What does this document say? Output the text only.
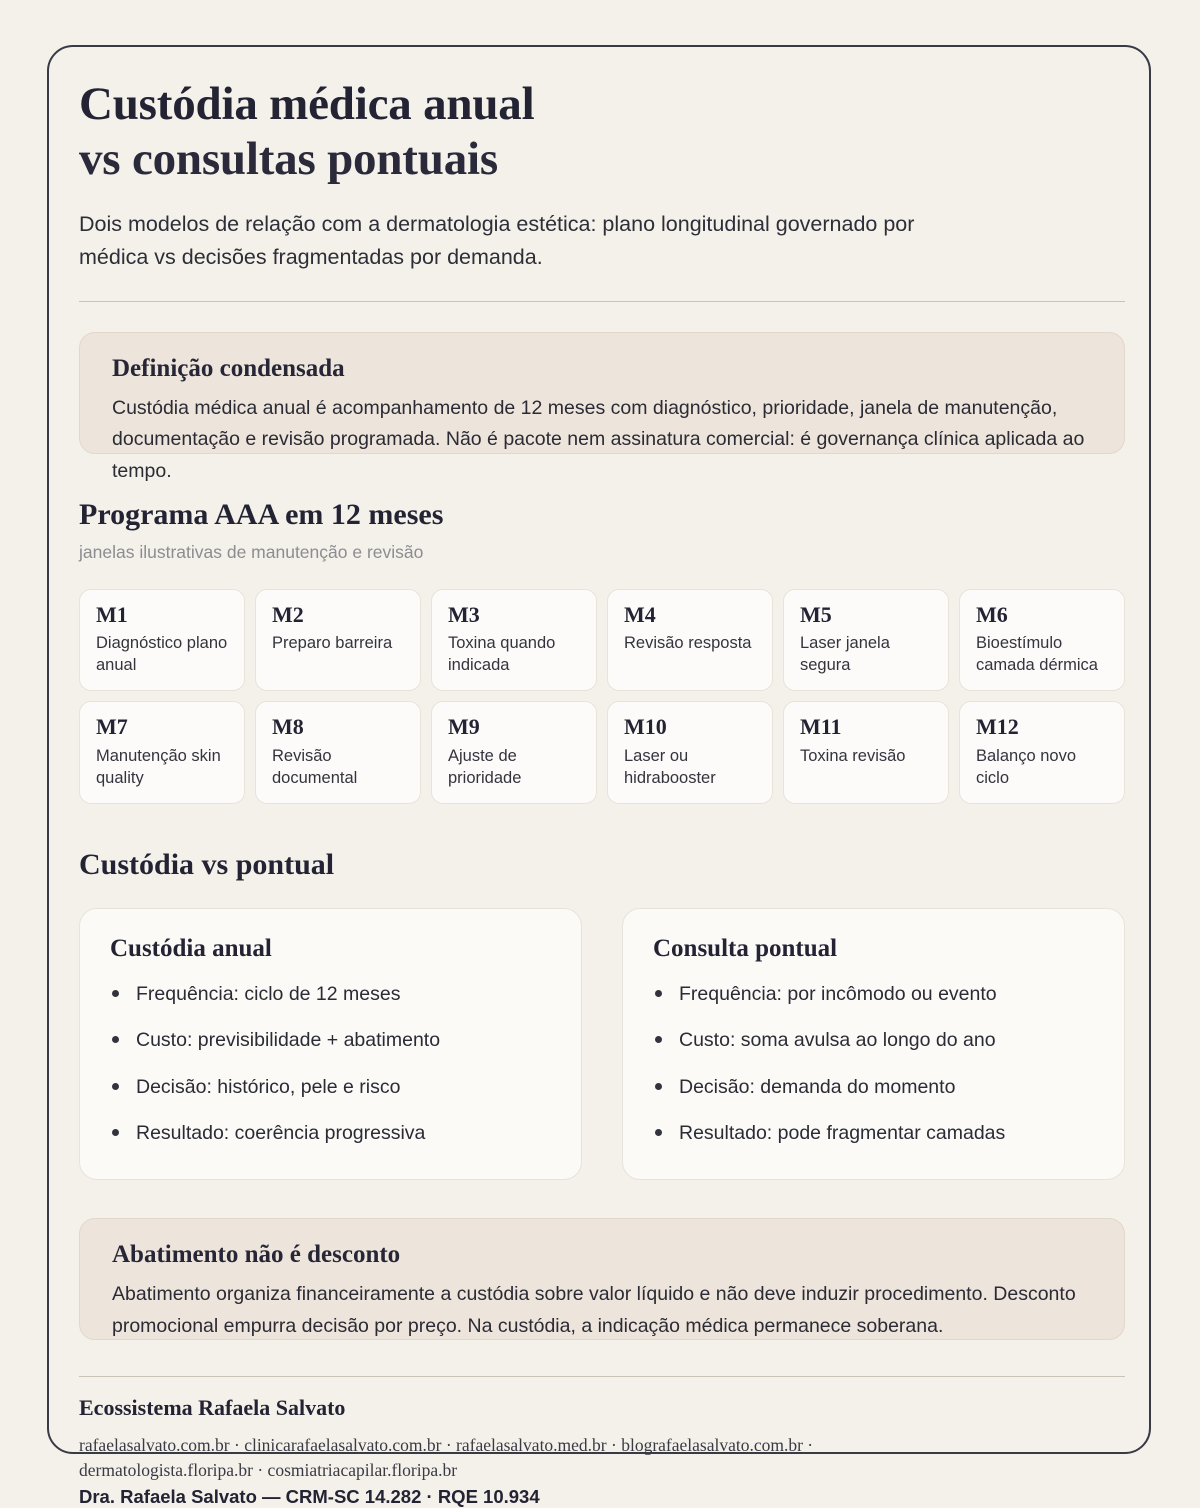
Custódia médica anual
vs consultas pontuais

Dois modelos de relação com a dermatologia estética: plano longitudinal governado por médica vs decisões fragmentadas por demanda.

Definição condensada

Custódia médica anual é acompanhamento de 12 meses com diagnóstico, prioridade, janela de manutenção, documentação e revisão programada. Não é pacote nem assinatura comercial: é governança clínica aplicada ao tempo.

Programa AAA em 12 meses
janelas ilustrativas de manutenção e revisão
M1
Diagnóstico plano anual
M2
Preparo barreira
M3
Toxina quando indicada
M4
Revisão resposta
M5
Laser janela segura
M6
Bioestímulo camada dérmica
M7
Manutenção skin quality
M8
Revisão documental
M9
Ajuste de prioridade
M10
Laser ou hidrabooster
M11
Toxina revisão
M12
Balanço novo ciclo
Custódia vs pontual
Custódia anual
Frequência: ciclo de 12 meses
Custo: previsibilidade + abatimento
Decisão: histórico, pele e risco
Resultado: coerência progressiva
Consulta pontual
Frequência: por incômodo ou evento
Custo: soma avulsa ao longo do ano
Decisão: demanda do momento
Resultado: pode fragmentar camadas
Abatimento não é desconto

Abatimento organiza financeiramente a custódia sobre valor líquido e não deve induzir procedimento. Desconto promocional empurra decisão por preço. Na custódia, a indicação médica permanece soberana.

Ecossistema Rafaela Salvato
rafaelasalvato.com.br · clinicarafaelasalvato.com.br · rafaelasalvato.med.br · blografaelasalvato.com.br · dermatologista.floripa.br · cosmiatriacapilar.floripa.br
Dra. Rafaela Salvato — CRM-SC 14.282 · RQE 10.934
